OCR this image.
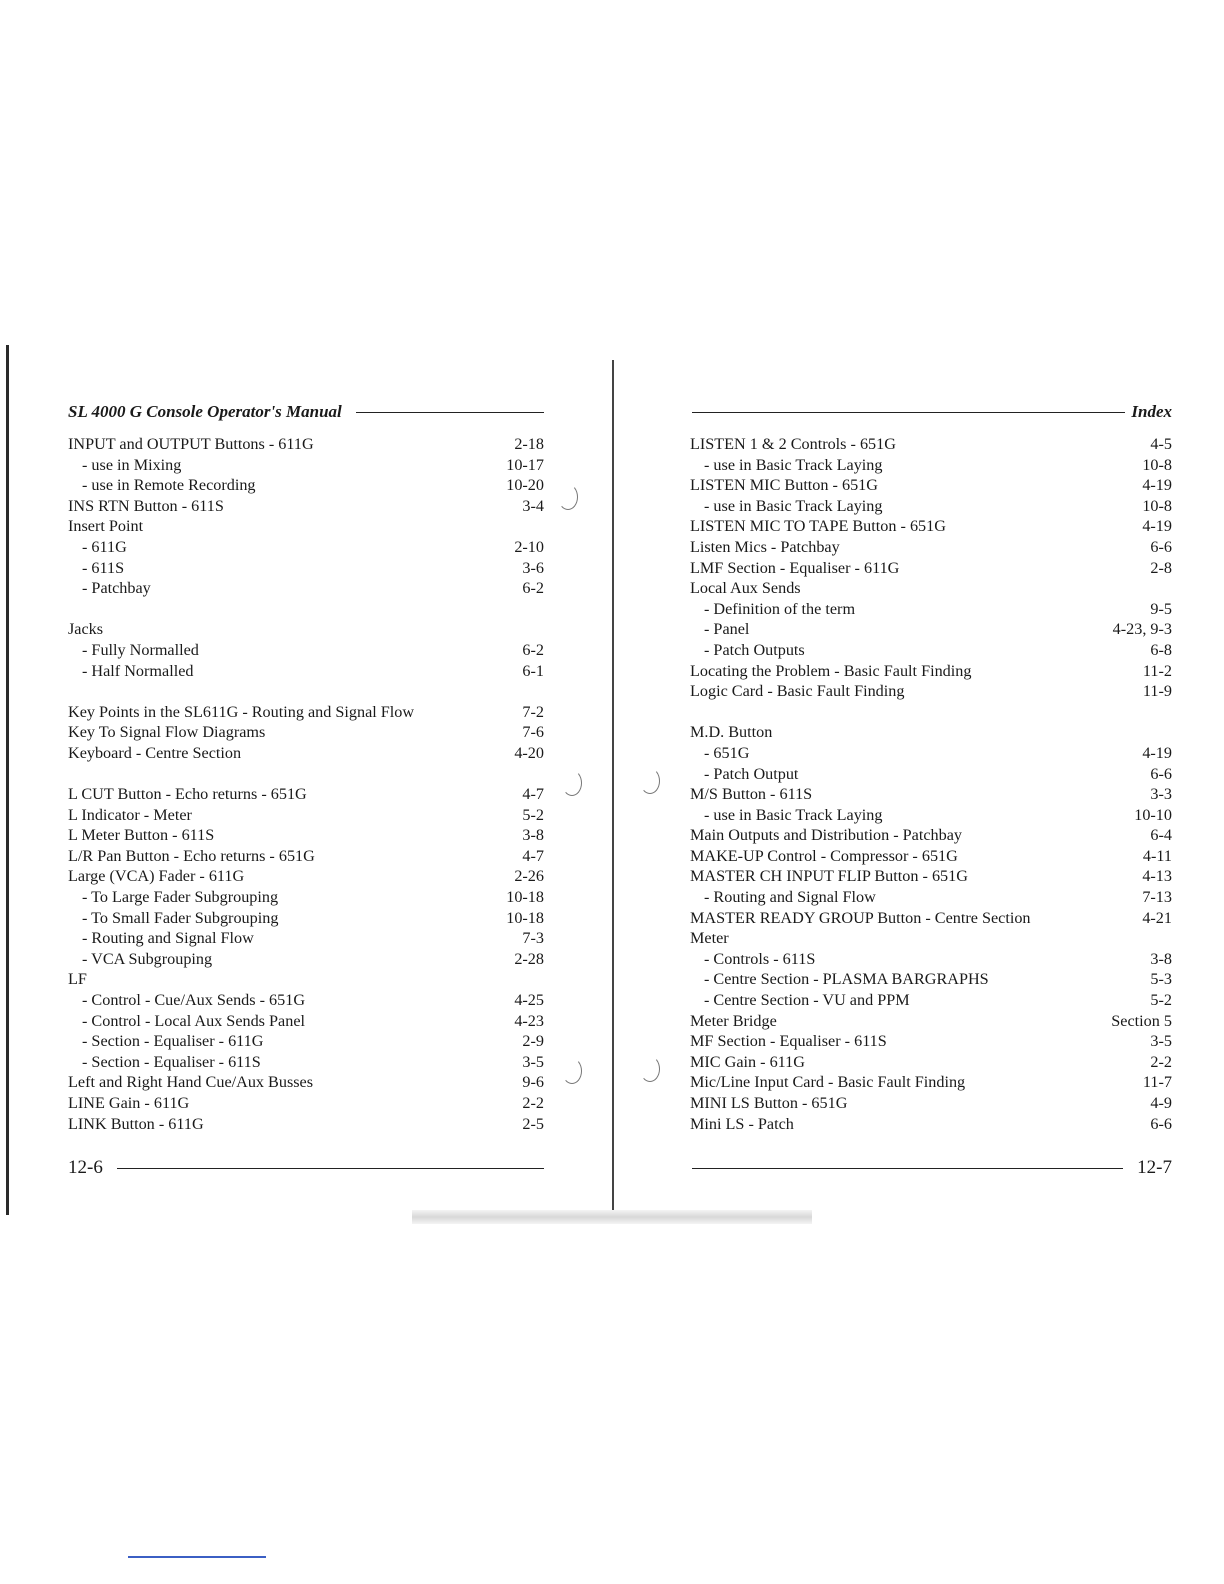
SL 4000 G Console Operator's Manual
INPUT and OUTPUT Buttons - 611G	2-18
- use in Mixing	10-17
- use in Remote Recording	10-20
INS RTN Button - 611S	3-4
Insert Point
- 611G	2-10
- 611S	3-6
- Patchbay	6-2
Jacks
- Fully Normalled	6-2
- Half Normalled	6-1
Key Points in the SL611G - Routing and Signal Flow	7-2
Key To Signal Flow Diagrams	7-6
Keyboard - Centre Section	4-20
L CUT Button - Echo returns - 651G	4-7
L Indicator - Meter	5-2
L Meter Button - 611S	3-8
L/R Pan Button - Echo returns - 651G	4-7
Large (VCA) Fader - 611G	2-26
- To Large Fader Subgrouping	10-18
- To Small Fader Subgrouping	10-18
- Routing and Signal Flow	7-3
- VCA Subgrouping	2-28
LF
- Control - Cue/Aux Sends - 651G	4-25
- Control - Local Aux Sends Panel	4-23
- Section - Equaliser - 611G	2-9
- Section - Equaliser - 611S	3-5
Left and Right Hand Cue/Aux Busses	9-6
LINE Gain - 611G	2-2
LINK Button - 611G	2-5
12-6
Index
LISTEN 1 & 2 Controls - 651G	4-5
- use in Basic Track Laying	10-8
LISTEN MIC Button - 651G	4-19
- use in Basic Track Laying	10-8
LISTEN MIC TO TAPE Button - 651G	4-19
Listen Mics - Patchbay	6-6
LMF Section - Equaliser - 611G	2-8
Local Aux Sends
- Definition of the term	9-5
- Panel	4-23, 9-3
- Patch Outputs	6-8
Locating the Problem - Basic Fault Finding	11-2
Logic Card - Basic Fault Finding	11-9
M.D. Button
- 651G	4-19
- Patch Output	6-6
M/S Button - 611S	3-3
- use in Basic Track Laying	10-10
Main Outputs and Distribution - Patchbay	6-4
MAKE-UP Control - Compressor - 651G	4-11
MASTER CH INPUT FLIP Button - 651G	4-13
- Routing and Signal Flow	7-13
MASTER READY GROUP Button - Centre Section	4-21
Meter
- Controls - 611S	3-8
- Centre Section - PLASMA BARGRAPHS	5-3
- Centre Section - VU and PPM	5-2
Meter Bridge	Section 5
MF Section - Equaliser - 611S	3-5
MIC Gain - 611G	2-2
Mic/Line Input Card - Basic Fault Finding	11-7
MINI LS Button - 651G	4-9
Mini LS - Patch	6-6
12-7
